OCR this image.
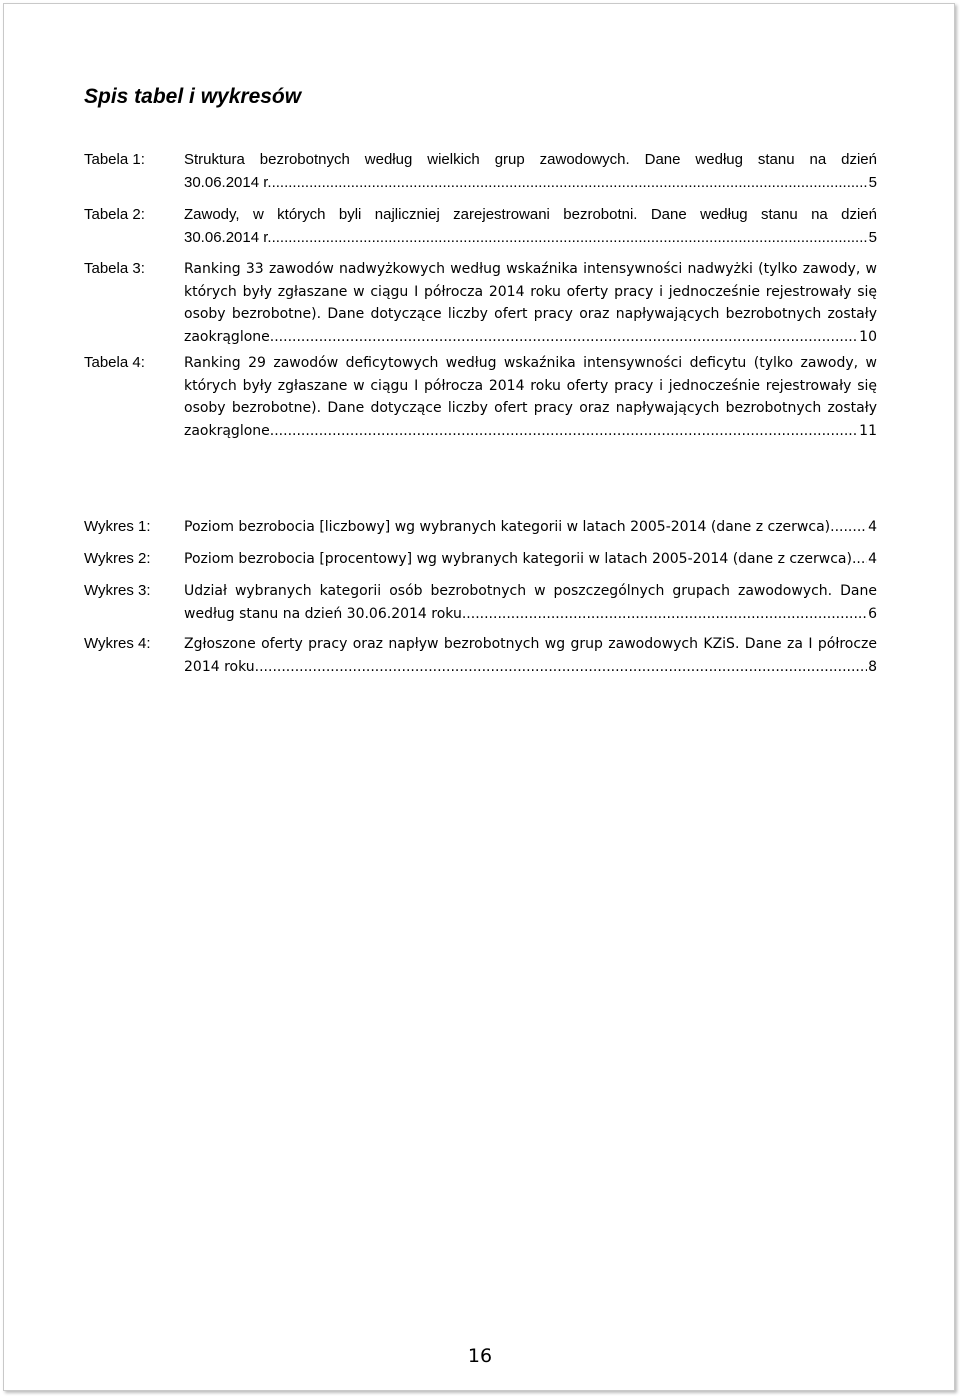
Spis tabel i wykresów
Tabela 1:	Struktura bezrobotnych według wielkich grup zawodowych. Dane według stanu na dzień
30.06.2014 r. .....	5
Tabela 2:	Zawody, w których byli najliczniej zarejestrowani bezrobotni. Dane według stanu na dzień
30.06.2014 r. .....	5
Tabela 3:	Ranking 33 zawodów nadwyżkowych według wskaźnika intensywności nadwyżki (tylko zawody, w których były zgłaszane w ciągu I półrocza 2014 roku oferty pracy i jednocześnie rejestrowały się osoby bezrobotne). Dane dotyczące liczby ofert pracy oraz napływających bezrobotnych zostały
zaokrąglone. .....	10
Tabela 4:	Ranking 29 zawodów deficytowych według wskaźnika intensywności deficytu (tylko zawody, w których były zgłaszane w ciągu I półrocza 2014 roku oferty pracy i jednocześnie rejestrowały się osoby bezrobotne). Dane dotyczące liczby ofert pracy oraz napływających bezrobotnych zostały
zaokrąglone. .....	11
Wykres 1: Poziom bezrobocia [liczbowy] wg wybranych kategorii w latach 2005-2014 (dane z czerwca). ..... 4
Wykres 2: Poziom bezrobocia [procentowy] wg wybranych kategorii w latach 2005-2014 (dane z czerwca). ..... 4
Wykres 3: Udział wybranych kategorii osób bezrobotnych w poszczególnych grupach zawodowych. Dane
według stanu na dzień 30.06.2014 roku. .....	6
Wykres 4: Zgłoszone oferty pracy oraz napływ bezrobotnych wg grup zawodowych KZiS. Dane za I półrocze
2014 roku. .....	8
16
